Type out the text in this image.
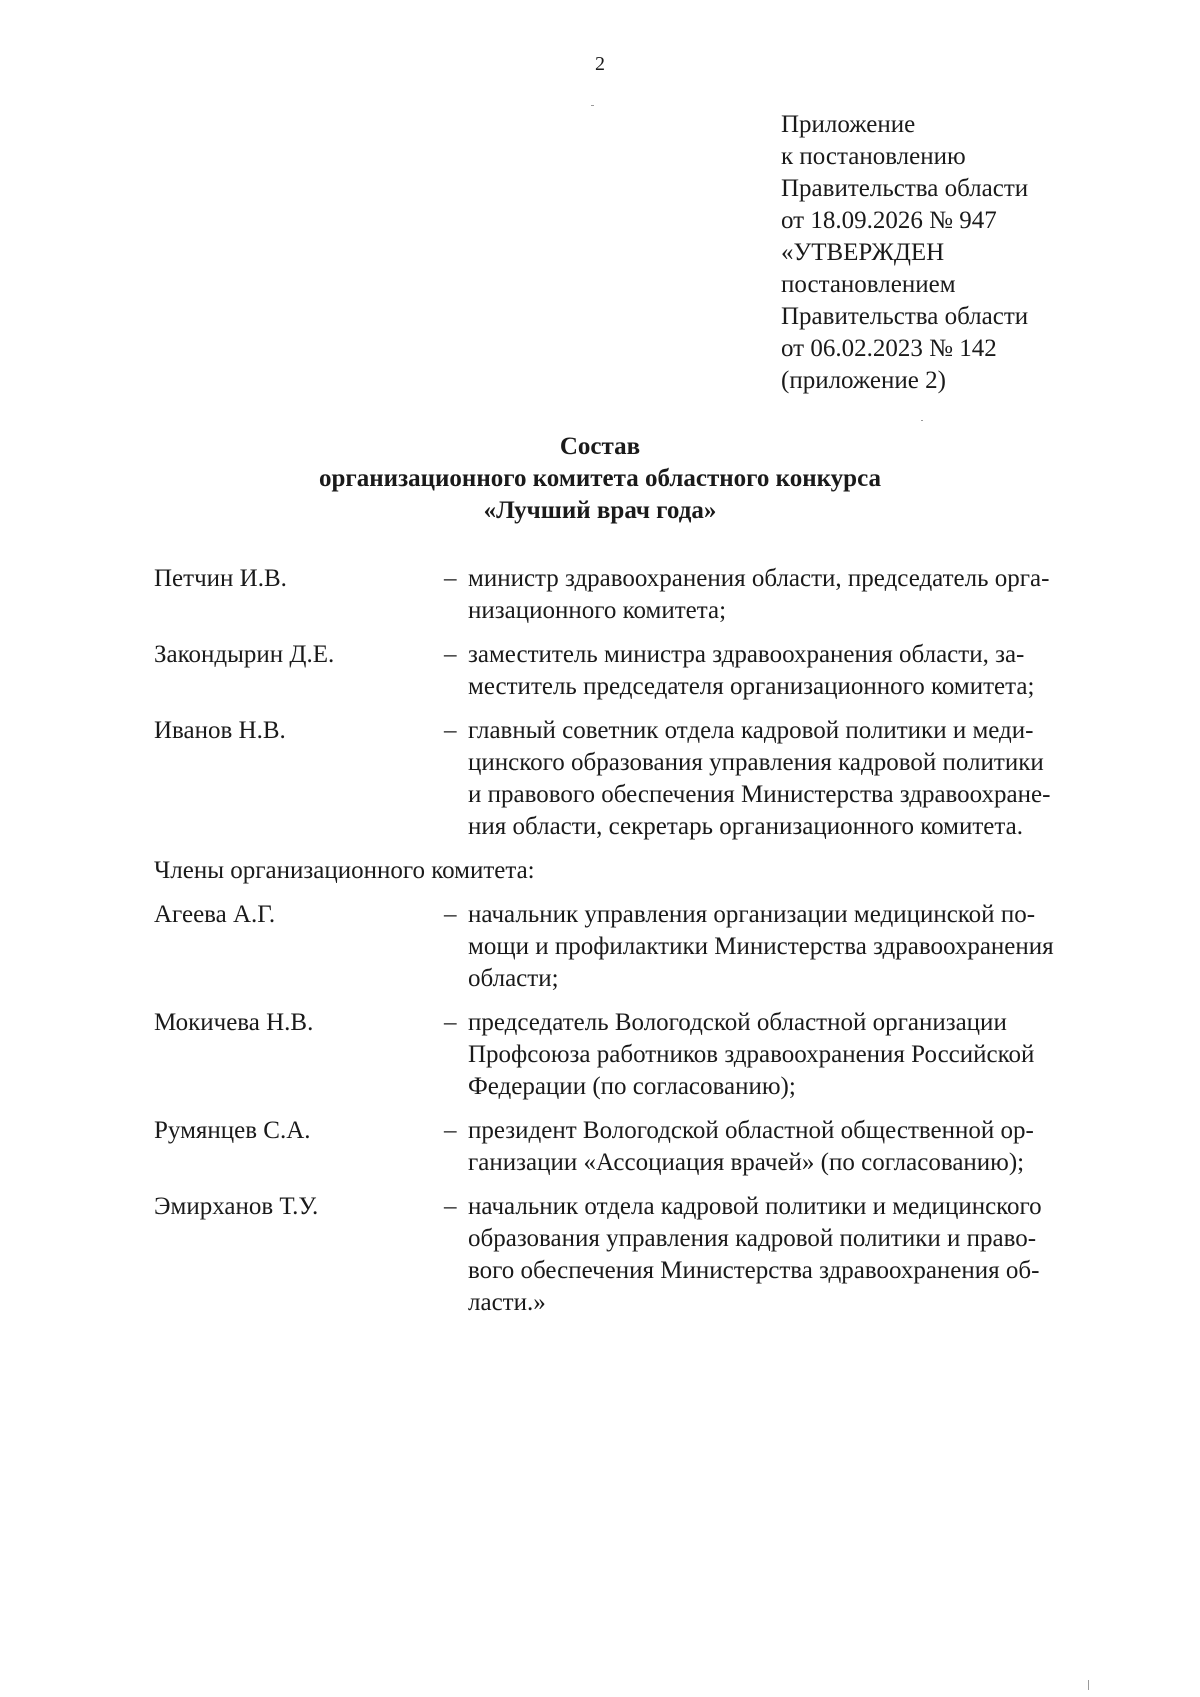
2
Приложение
к постановлению
Правительства области
от 18.09.2026 № 947
«УТВЕРЖДЕН
постановлением
Правительства области
от 06.02.2023 № 142
(приложение 2)
Состав
организационного комитета областного конкурса
«Лучший врач года»
Петчин И.В.	– министр здравоохранения области, председатель орга-
низационного комитета;
Закондырин Д.Е.	– заместитель министра здравоохранения области, за-
меститель председателя организационного комитета;
Иванов Н.В.	– главный советник отдела кадровой политики и меди-
цинского образования управления кадровой политики
и правового обеспечения Министерства здравоохране-
ния области, секретарь организационного комитета.
Члены организационного комитета:
Агеева А.Г.	– начальник управления организации медицинской по-
мощи и профилактики Министерства здравоохранения
области;
Мокичева Н.В.	– председатель Вологодской областной организации
Профсоюза работников здравоохранения Российской
Федерации (по согласованию);
Румянцев С.А.	– президент Вологодской областной общественной ор-
ганизации «Ассоциация врачей» (по согласованию);
Эмирханов Т.У.	– начальник отдела кадровой политики и медицинского
образования управления кадровой политики и право-
вого обеспечения Министерства здравоохранения об-
ласти.»
